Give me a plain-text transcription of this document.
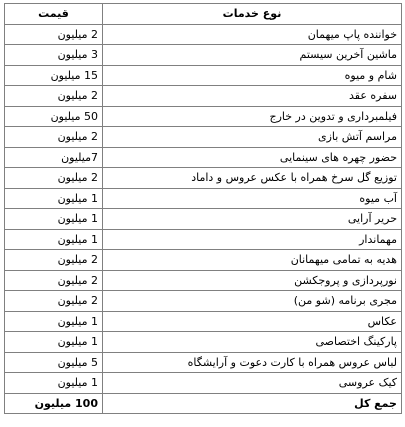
قیمت	نوع خدمات
2 میلیون	خواننده پاپ میهمان
3 میلیون	ماشین آخرین سیستم
15 میلیون	شام و میوه
2 میلیون	سفره عقد
50 میلیون	فیلمبرداری و تدوین در خارج
2 میلیون	مراسم آتش بازی
7میلیون	حضور چهره های سینمایی
2 میلیون	توزیع گل سرخ همراه با عکس عروس و داماد
1 میلیون	آب میوه
1 میلیون	حریر آرایی
1 میلیون	مهماندار
2 میلیون	هدیه به تمامی میهمانان
2 میلیون	نورپردازی و پروجکشن
2 میلیون	مجری برنامه (شو من)
1 میلیون	عکاس
1 میلیون	پارکینگ اختصاصی
5 میلیون	لباس عروس همراه با کارت دعوت و آرایشگاه
1 میلیون	کیک عروسی
100 میلیون	جمع کل
